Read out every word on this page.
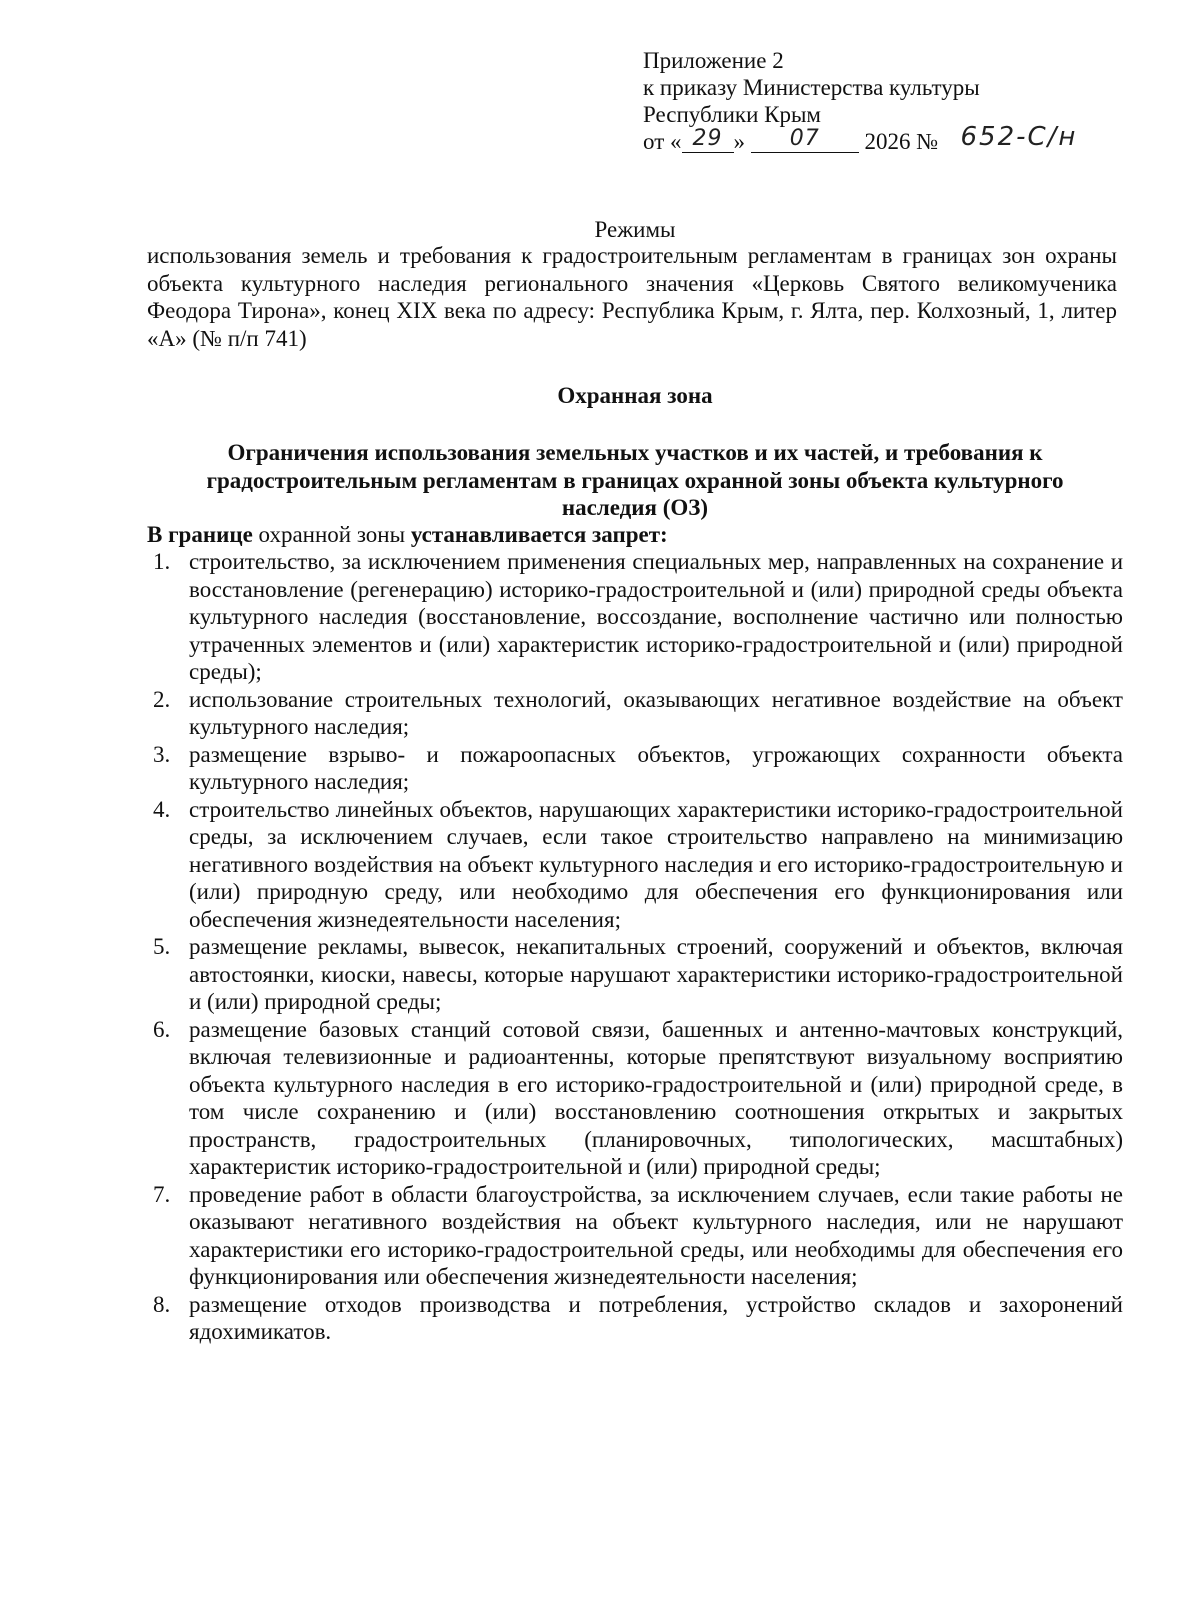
Приложение 2
к приказу Министерства культуры
Республики Крым
от « 29 » 07 2026 № 652-С/н
Режимы
использования земель и требования к градостроительным регламентам в границах зон охраны объекта культурного наследия регионального значения «Церковь Святого великомученика Феодора Тирона», конец XIX века по адресу: Республика Крым, г. Ялта, пер. Колхозный, 1, литер «А» (№ п/п 741)
Охранная зона
Ограничения использования земельных участков и их частей, и требования к градостроительным регламентам в границах охранной зоны объекта культурного наследия (ОЗ)
В границе охранной зоны устанавливается запрет:
1. строительство, за исключением применения специальных мер, направленных на сохранение и восстановление (регенерацию) историко-градостроительной и (или) природной среды объекта культурного наследия (восстановление, воссоздание, восполнение частично или полностью утраченных элементов и (или) характеристик историко-градостроительной и (или) природной среды);
2. использование строительных технологий, оказывающих негативное воздействие на объект культурного наследия;
3. размещение взрыво- и пожароопасных объектов, угрожающих сохранности объекта культурного наследия;
4. строительство линейных объектов, нарушающих характеристики историко-градостроительной среды, за исключением случаев, если такое строительство направлено на минимизацию негативного воздействия на объект культурного наследия и его историко-градостроительную и (или) природную среду, или необходимо для обеспечения его функционирования или обеспечения жизнедеятельности населения;
5. размещение рекламы, вывесок, некапитальных строений, сооружений и объектов, включая автостоянки, киоски, навесы, которые нарушают характеристики историко-градостроительной и (или) природной среды;
6. размещение базовых станций сотовой связи, башенных и антенно-мачтовых конструкций, включая телевизионные и радиоантенны, которые препятствуют визуальному восприятию объекта культурного наследия в его историко-градостроительной и (или) природной среде, в том числе сохранению и (или) восстановлению соотношения открытых и закрытых пространств, градостроительных (планировочных, типологических, масштабных) характеристик историко-градостроительной и (или) природной среды;
7. проведение работ в области благоустройства, за исключением случаев, если такие работы не оказывают негативного воздействия на объект культурного наследия, или не нарушают характеристики его историко-градостроительной среды, или необходимы для обеспечения его функционирования или обеспечения жизнедеятельности населения;
8. размещение отходов производства и потребления, устройство складов и захоронений ядохимикатов.
